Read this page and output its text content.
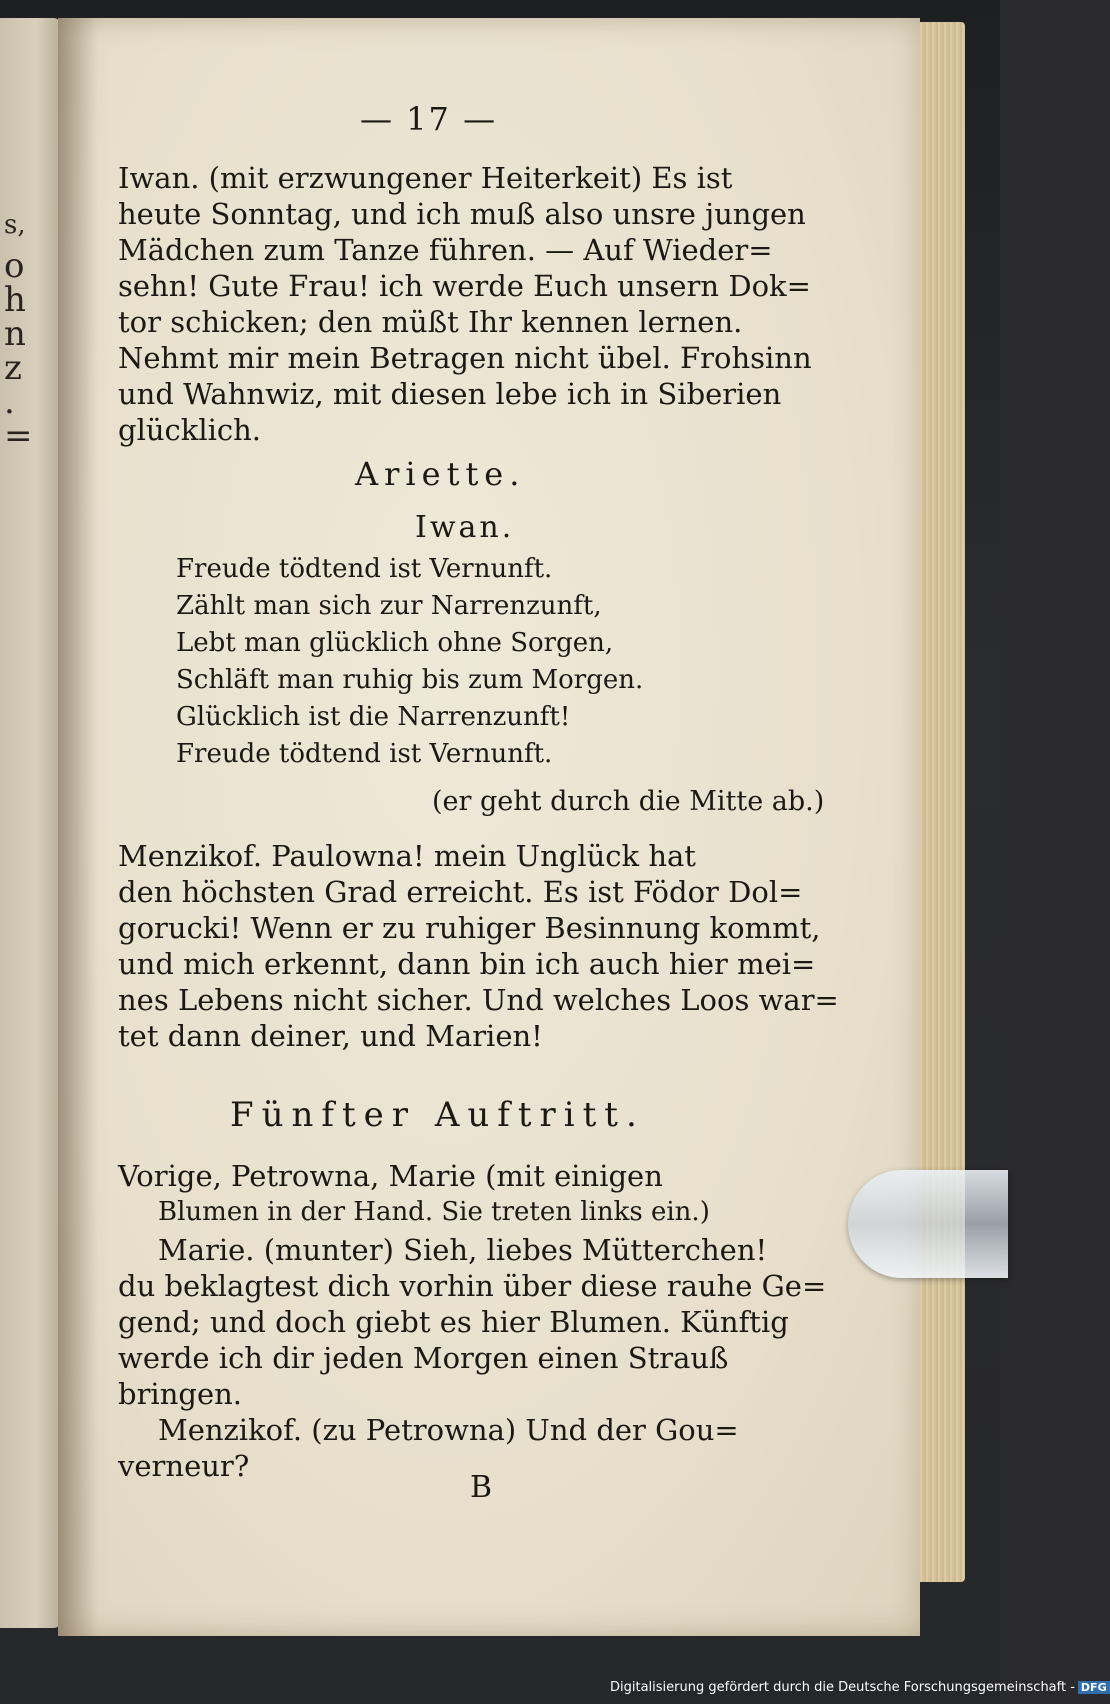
s,
o
h
n
z
.
=
— 17 —
Iwan. (mit erzwungener Heiterkeit) Es ist
heute Sonntag, und ich muß also unsre jungen
Mädchen zum Tanze führen. — Auf Wieder=
sehn! Gute Frau! ich werde Euch unsern Dok=
tor schicken; den müßt Ihr kennen lernen.
Nehmt mir mein Betragen nicht übel. Frohsinn
und Wahnwiz, mit diesen lebe ich in Siberien
glücklich.
Ariette.
Iwan.
Freude tödtend ist Vernunft.
Zählt man sich zur Narrenzunft,
Lebt man glücklich ohne Sorgen,
Schläft man ruhig bis zum Morgen.
Glücklich ist die Narrenzunft!
Freude tödtend ist Vernunft.
(er geht durch die Mitte ab.)
Menzikof. Paulowna! mein Unglück hat
den höchsten Grad erreicht. Es ist Födor Dol=
gorucki! Wenn er zu ruhiger Besinnung kommt,
und mich erkennt, dann bin ich auch hier mei=
nes Lebens nicht sicher. Und welches Loos war=
tet dann deiner, und Marien!
Fünfter Auftritt.
Vorige, Petrowna, Marie (mit einigen
Blumen in der Hand. Sie treten links ein.)
Marie. (munter) Sieh, liebes Mütterchen!
du beklagtest dich vorhin über diese rauhe Ge=
gend; und doch giebt es hier Blumen. Künftig
werde ich dir jeden Morgen einen Strauß
bringen.
Menzikof. (zu Petrowna) Und der Gou=
verneur?
B
Digitalisierung gefördert durch die Deutsche Forschungsgemeinschaft - DFG
